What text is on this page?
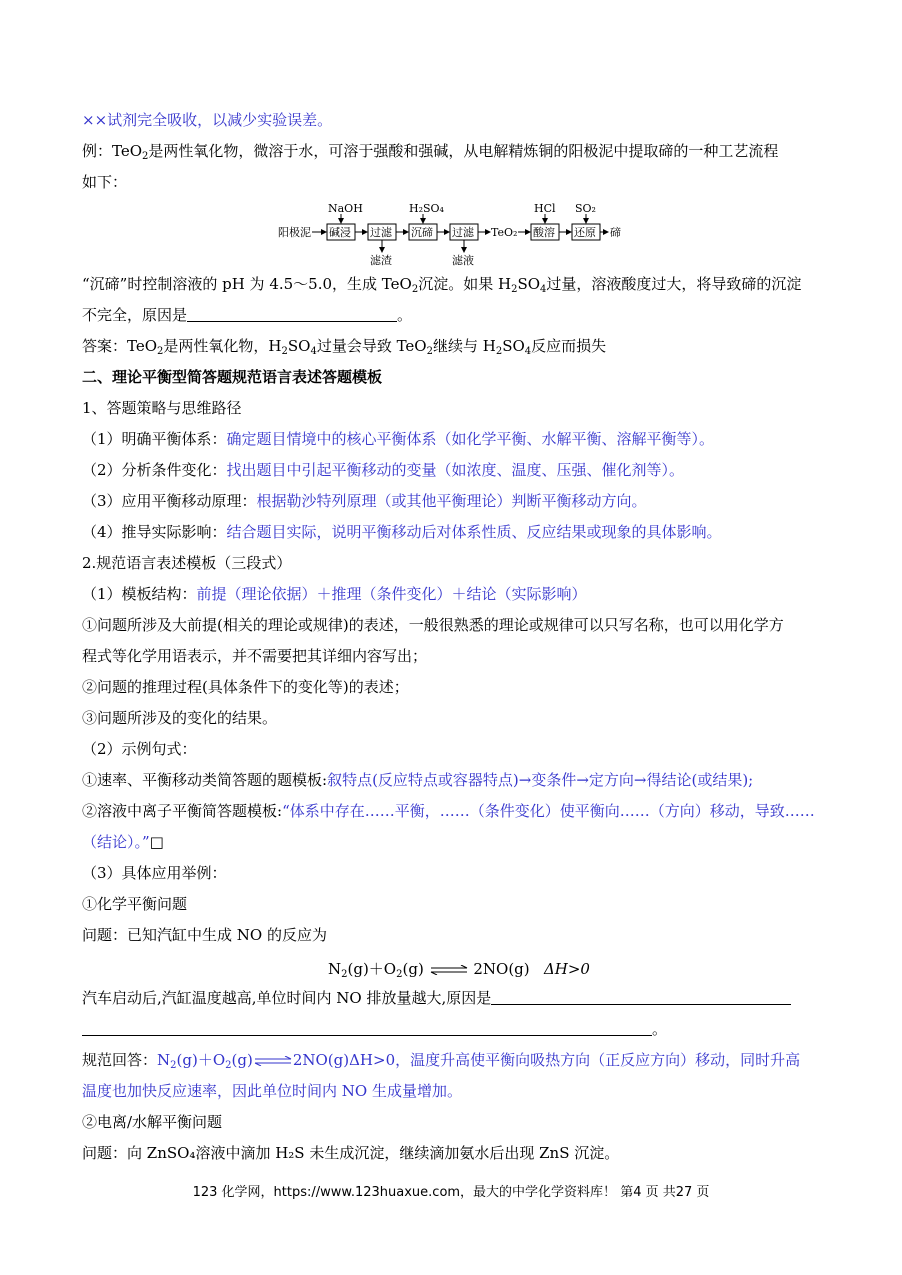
××试剂完全吸收，以减少实验误差。
例：TeO$_2$是两性氧化物，微溶于水，可溶于强酸和强碱，从电解精炼铜的阳极泥中提取碲的一种工艺流程
如下：
阳极泥 碱浸 过滤 沉碲 过滤 TeO₂ 酸溶 还原 碲
NaOH	H₂SO₄	HCl SO₂
滤渣	滤液
“沉碲”时控制溶液的 pH 为 4.5～5.0，生成 TeO$_2$沉淀。如果 $H_2SO_4$过量，溶液酸度过大，将导致碲的沉淀
不完全，原因是	。
答案：TeO$_2$是两性氧化物，$H_2SO_4$过量会导致 TeO$_2$继续与 $H_2SO_4$反应而损失
二、理论平衡型简答题规范语言表述答题模板
1、答题策略与思维路径
（1）明确平衡体系：确定题目情境中的核心平衡体系（如化学平衡、水解平衡、溶解平衡等）。
（2）分析条件变化：找出题目中引起平衡移动的变量（如浓度、温度、压强、催化剂等）。
（3）应用平衡移动原理：根据勒沙特列原理（或其他平衡理论）判断平衡移动方向。
（4）推导实际影响：结合题目实际，说明平衡移动后对体系性质、反应结果或现象的具体影响。
2.规范语言表述模板（三段式）
（1）模板结构：前提（理论依据）＋推理（条件变化）＋结论（实际影响）
①问题所涉及大前提(相关的理论或规律)的表述，一般很熟悉的理论或规律可以只写名称，也可以用化学方
程式等化学用语表示，并不需要把其详细内容写出；
②问题的推理过程(具体条件下的变化等)的表述；
③问题所涉及的变化的结果。
（2）示例句式：
①速率、平衡移动类简答题的题模板:叙特点(反应特点或容器特点)→变条件→定方向→得结论(或结果);
②溶液中离子平衡简答题模板:“体系中存在……平衡，……（条件变化）使平衡向……（方向）移动，导致……
（结论）。”□
（3）具体应用举例：
①化学平衡问题
问题：已知汽缸中生成 NO 的反应为
$N_2(g)+O_2(g)$ ⇌ 2NO(g) ΔH>0
汽车启动后,汽缸温度越高,单位时间内 NO 排放量越大,原因是
。
规范回答：$N_2(g)+O_2(g)\rightleftharpoons 2NO(g)\Delta H>0$，温度升高使平衡向吸热方向（正反应方向）移动，同时升高
温度也加快反应速率，因此单位时间内 NO 生成量增加。
②电离/水解平衡问题
问题：向 ZnSO₄溶液中滴加 H₂S 未生成沉淀，继续滴加氨水后出现 ZnS 沉淀。
123 化学网，https://www.123huaxue.com，最大的中学化学资料库！ 第4 页 共27 页
